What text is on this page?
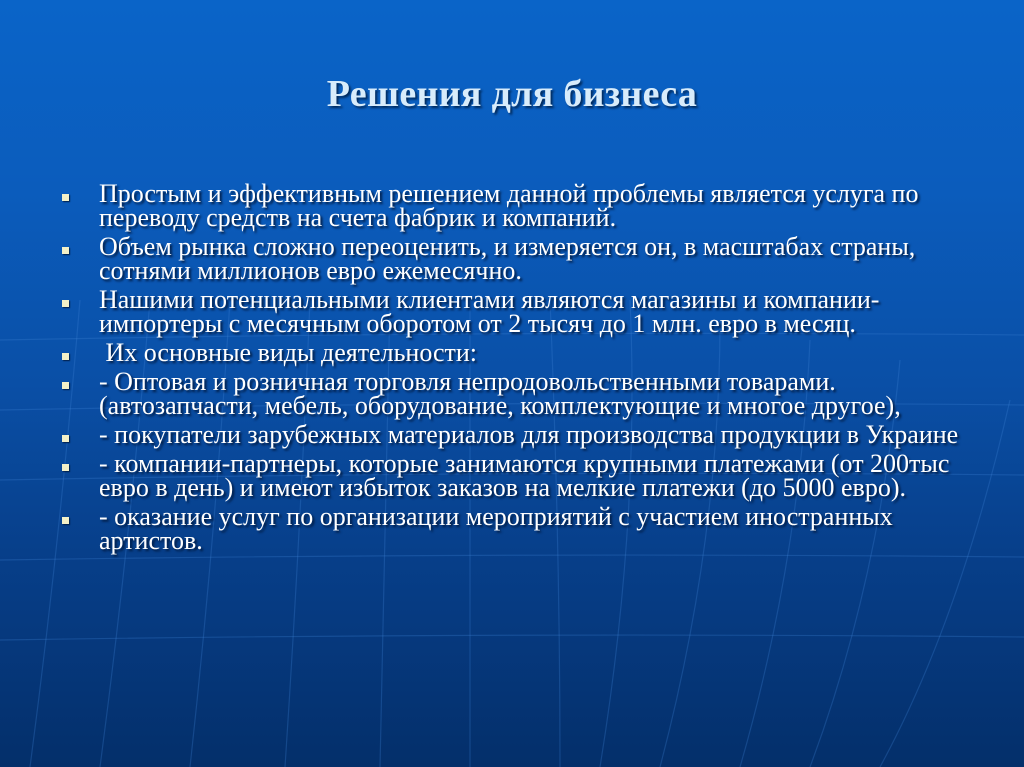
Решения для бизнеса
Простым и эффективным решением данной проблемы является услуга по переводу средств на счета фабрик и компаний.
Объем рынка сложно переоценить, и измеряется он, в масштабах страны, сотнями миллионов евро ежемесячно.
Нашими потенциальными клиентами являются магазины и компании-импортеры с месячным оборотом от 2 тысяч до 1 млн. евро в месяц.
Их основные виды деятельности:
- Оптовая и розничная торговля непродовольственными товарами. (автозапчасти, мебель, оборудование, комплектующие и многое другое),
- покупатели зарубежных материалов для производства продукции в Украине
- компании-партнеры, которые занимаются крупными платежами (от 200тыс евро в день) и имеют избыток заказов на мелкие платежи (до 5000 евро).
- оказание услуг по организации мероприятий с участием иностранных артистов.
